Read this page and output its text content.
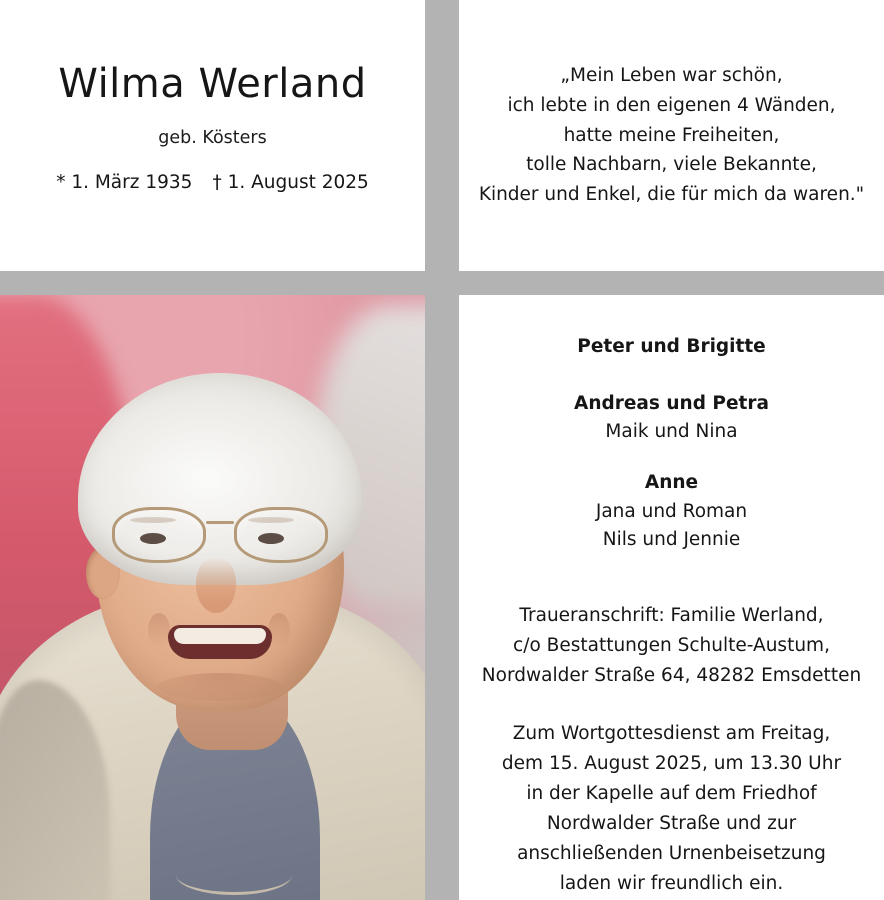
Wilma Werland
geb. Kösters
* 1. März 1935 † 1. August 2025
„Mein Leben war schön,
ich lebte in den eigenen 4 Wänden,
hatte meine Freiheiten,
tolle Nachbarn, viele Bekannte,
Kinder und Enkel, die für mich da waren."
Peter und Brigitte
Andreas und Petra
Maik und Nina
Anne
Jana und Roman
Nils und Jennie
Traueranschrift: Familie Werland,
c/o Bestattungen Schulte-Austum,
Nordwalder Straße 64, 48282 Emsdetten
Zum Wortgottesdienst am Freitag,
dem 15. August 2025, um 13.30 Uhr
in der Kapelle auf dem Friedhof
Nordwalder Straße und zur
anschließenden Urnenbeisetzung
laden wir freundlich ein.
